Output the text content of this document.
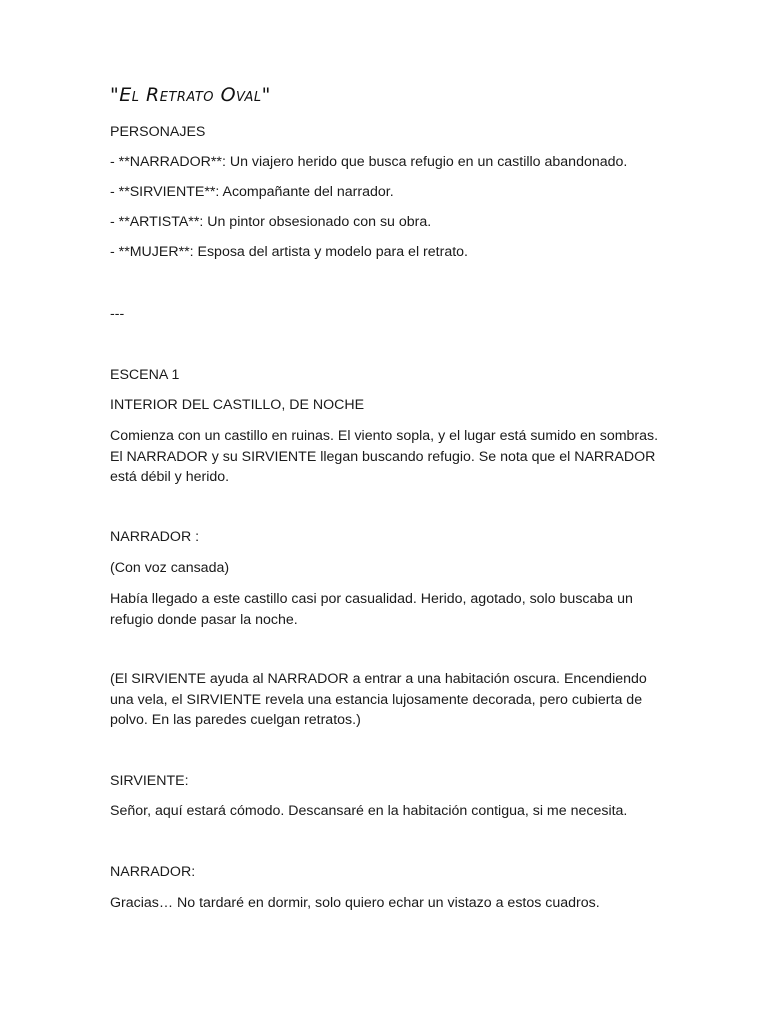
"El Retrato Oval"
PERSONAJES
- **NARRADOR**: Un viajero herido que busca refugio en un castillo abandonado.
- **SIRVIENTE**: Acompañante del narrador.
- **ARTISTA**: Un pintor obsesionado con su obra.
- **MUJER**: Esposa del artista y modelo para el retrato.
---
ESCENA 1
INTERIOR DEL CASTILLO, DE NOCHE
Comienza con un castillo en ruinas. El viento sopla, y el lugar está sumido en sombras. El NARRADOR y su SIRVIENTE llegan buscando refugio. Se nota que el NARRADOR está débil y herido.
NARRADOR :
(Con voz cansada)
Había llegado a este castillo casi por casualidad. Herido, agotado, solo buscaba un refugio donde pasar la noche.
(El SIRVIENTE ayuda al NARRADOR a entrar a una habitación oscura. Encendiendo una vela, el SIRVIENTE revela una estancia lujosamente decorada, pero cubierta de polvo. En las paredes cuelgan retratos.)
SIRVIENTE:
Señor, aquí estará cómodo. Descansaré en la habitación contigua, si me necesita.
NARRADOR:
Gracias… No tardaré en dormir, solo quiero echar un vistazo a estos cuadros.
